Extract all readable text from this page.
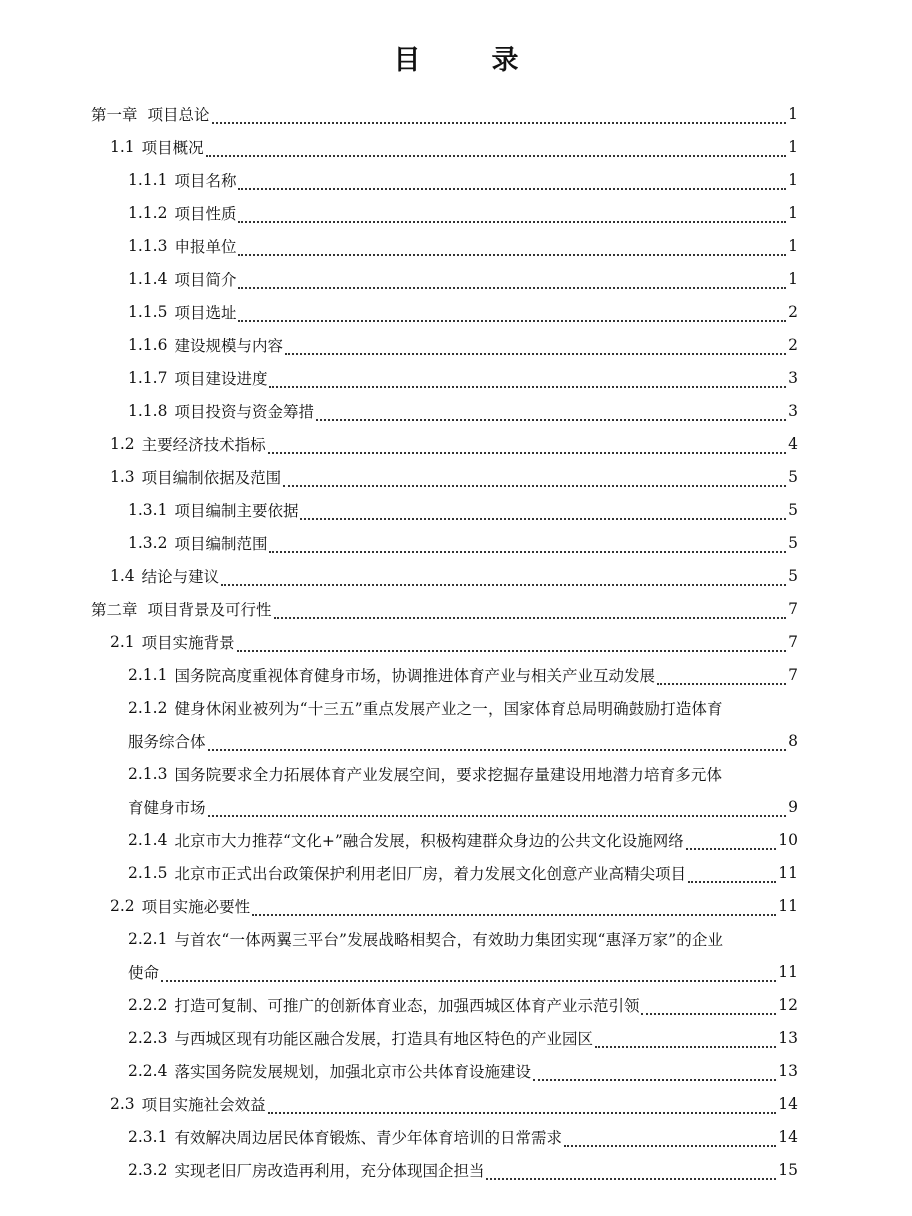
目　录
第一章 项目总论	1
1.1 项目概况	1
1.1.1 项目名称	1
1.1.2 项目性质	1
1.1.3 申报单位	1
1.1.4 项目简介	1
1.1.5 项目选址	2
1.1.6 建设规模与内容	2
1.1.7 项目建设进度	3
1.1.8 项目投资与资金筹措	3
1.2 主要经济技术指标	4
1.3 项目编制依据及范围	5
1.3.1 项目编制主要依据	5
1.3.2 项目编制范围	5
1.4 结论与建议	5
第二章 项目背景及可行性	7
2.1 项目实施背景	7
2.1.1 国务院高度重视体育健身市场，协调推进体育产业与相关产业互动发展	7
2.1.2 健身休闲业被列为“十三五”重点发展产业之一，国家体育总局明确鼓励打造体育
服务综合体	8
2.1.3 国务院要求全力拓展体育产业发展空间，要求挖掘存量建设用地潜力培育多元体
育健身市场	9
2.1.4 北京市大力推荐“文化+”融合发展，积极构建群众身边的公共文化设施网络	10
2.1.5 北京市正式出台政策保护利用老旧厂房，着力发展文化创意产业高精尖项目	11
2.2 项目实施必要性	11
2.2.1 与首农“一体两翼三平台”发展战略相契合，有效助力集团实现“惠泽万家”的企业
使命	11
2.2.2 打造可复制、可推广的创新体育业态，加强西城区体育产业示范引领	12
2.2.3 与西城区现有功能区融合发展，打造具有地区特色的产业园区	13
2.2.4 落实国务院发展规划，加强北京市公共体育设施建设	13
2.3 项目实施社会效益	14
2.3.1 有效解决周边居民体育锻炼、青少年体育培训的日常需求	14
2.3.2 实现老旧厂房改造再利用，充分体现国企担当	15
